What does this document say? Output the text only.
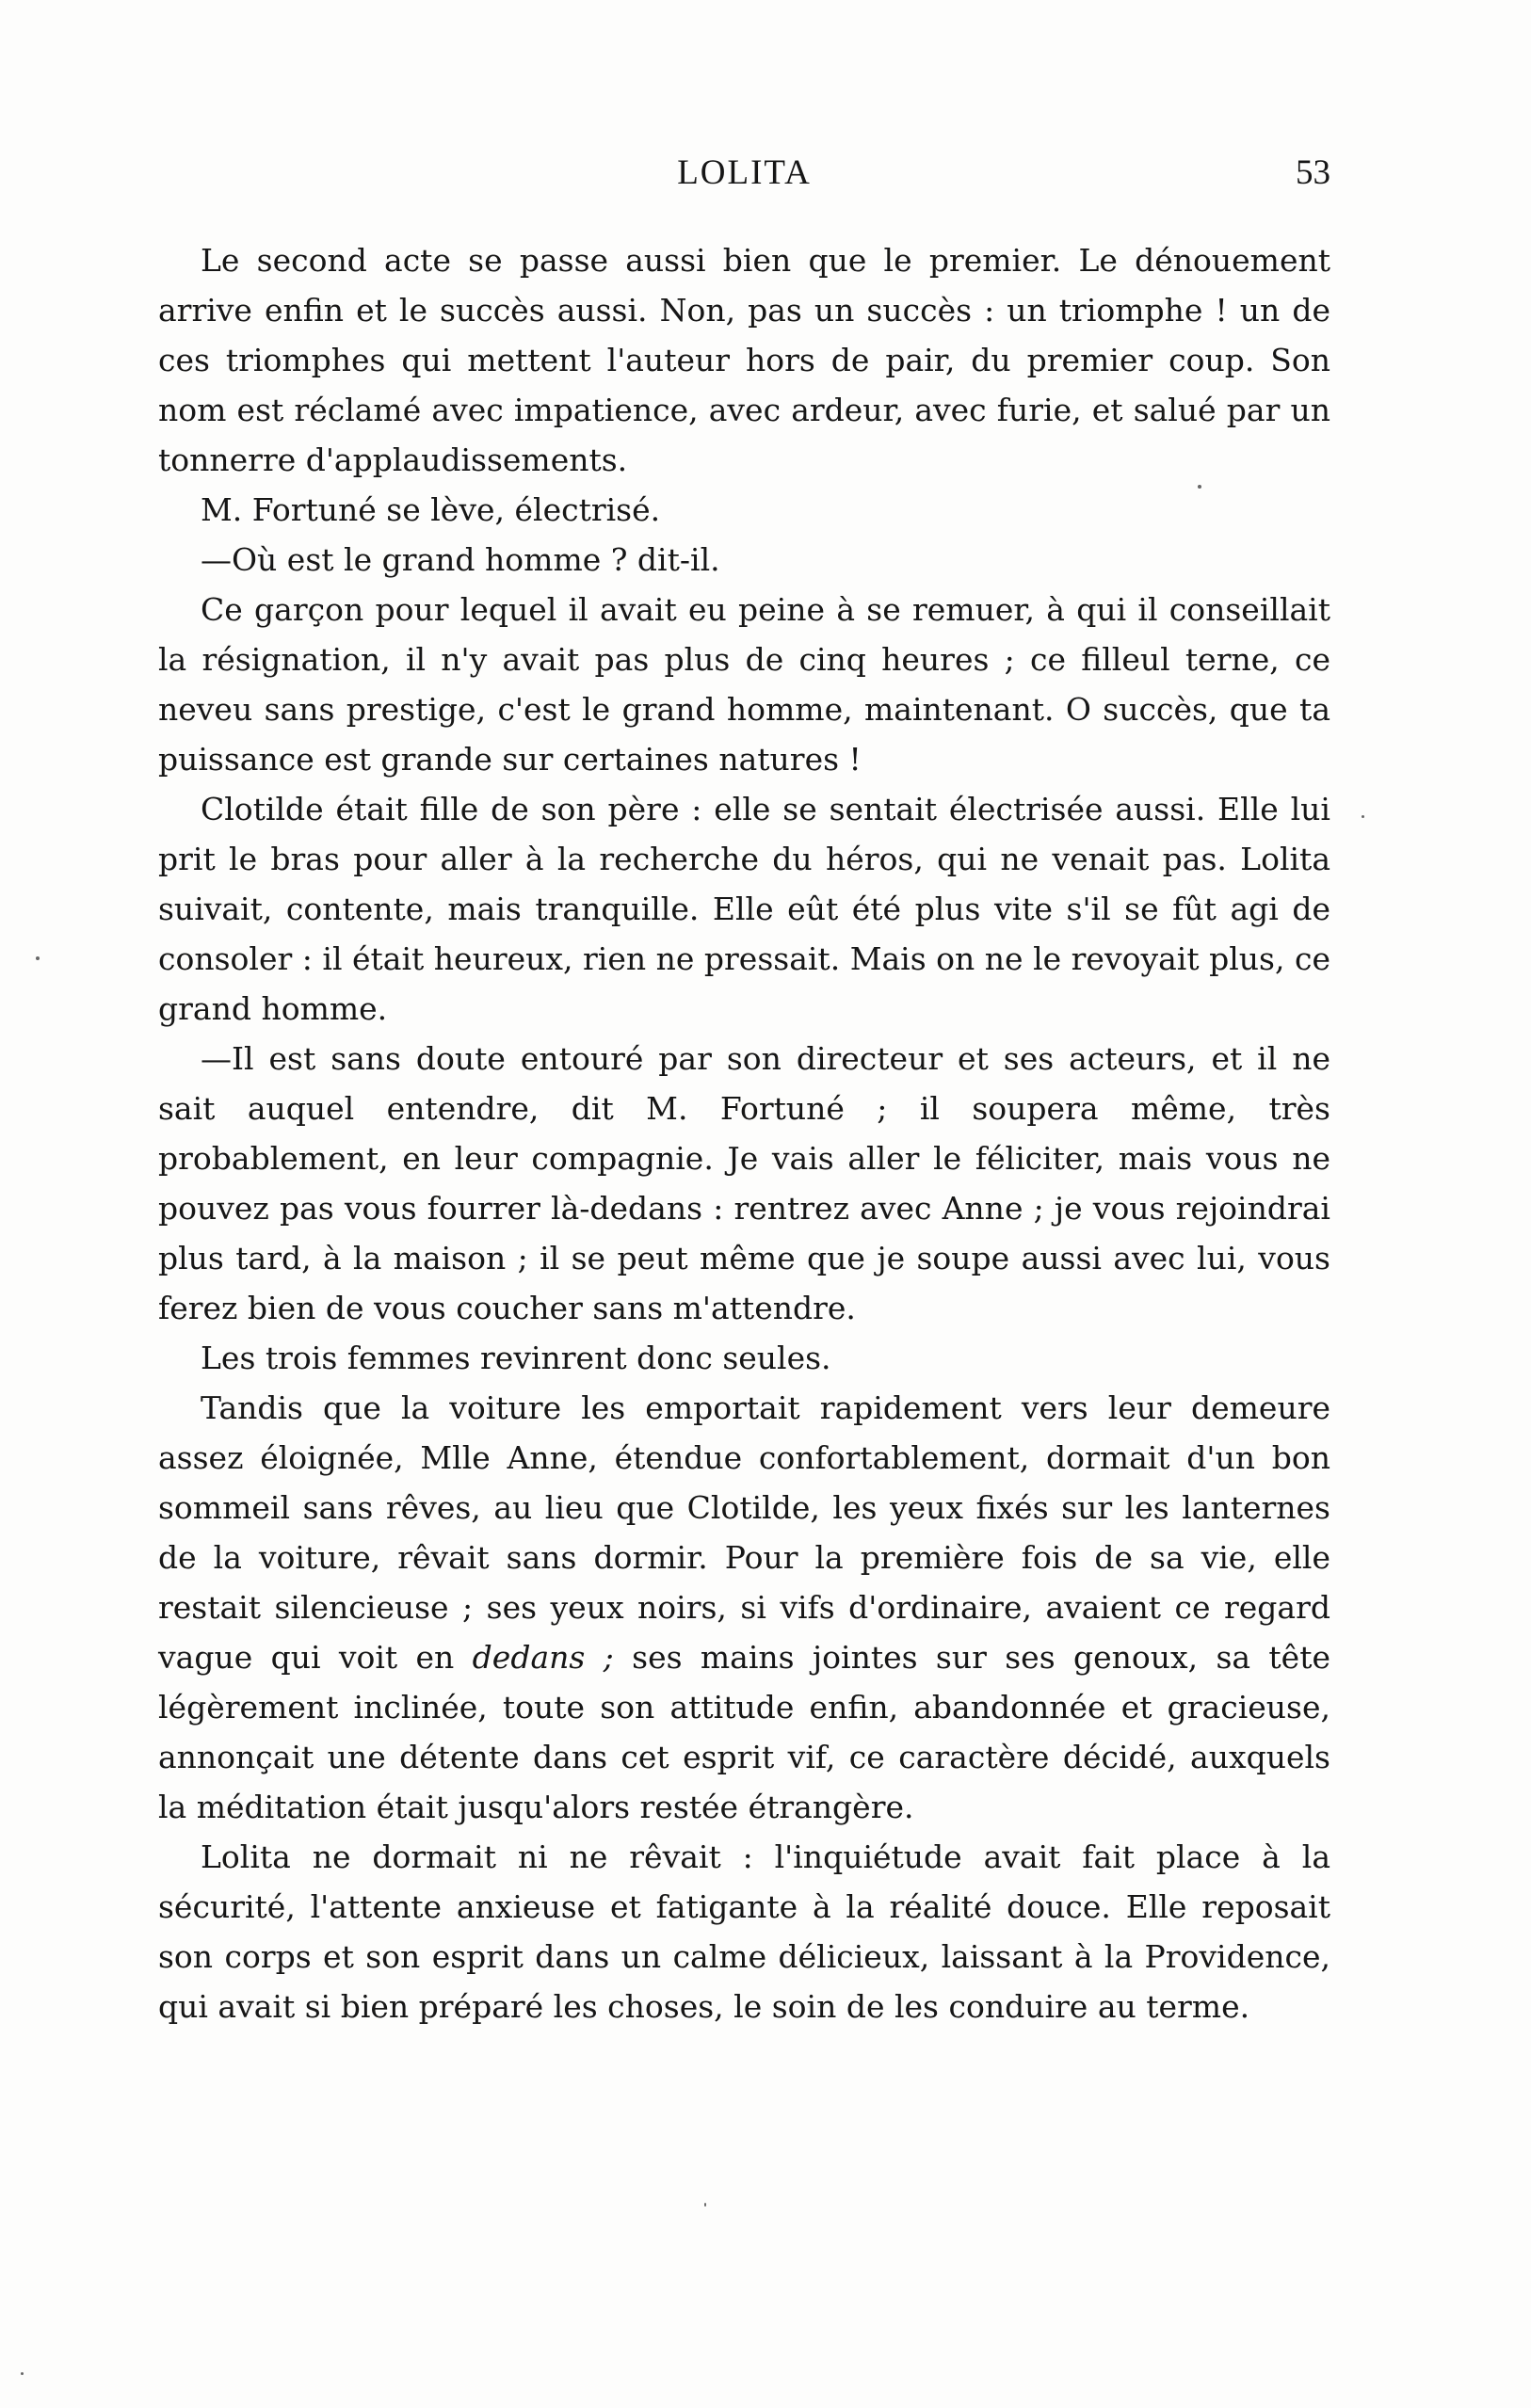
LOLITA	53

Le second acte se passe aussi bien que le premier. Le dénouement arrive enfin et le succès aussi. Non, pas un succès : un triomphe ! un de ces triomphes qui mettent l'auteur hors de pair, du premier coup. Son nom est réclamé avec impatience, avec ardeur, avec furie, et salué par un tonnerre d'applaudissements.

M. Fortuné se lève, électrisé.

—Où est le grand homme ? dit-il.

Ce garçon pour lequel il avait eu peine à se remuer, à qui il conseillait la résignation, il n'y avait pas plus de cinq heures ; ce filleul terne, ce neveu sans prestige, c'est le grand homme, maintenant. O succès, que ta puissance est grande sur certaines natures !

Clotilde était fille de son père : elle se sentait électrisée aussi. Elle lui prit le bras pour aller à la recherche du héros, qui ne venait pas. Lolita suivait, contente, mais tranquille. Elle eût été plus vite s'il se fût agi de consoler : il était heureux, rien ne pressait. Mais on ne le revoyait plus, ce grand homme.

—Il est sans doute entouré par son directeur et ses acteurs, et il ne sait auquel entendre, dit M. Fortuné ; il soupera même, très probablement, en leur compagnie. Je vais aller le féliciter, mais vous ne pouvez pas vous fourrer là-dedans : rentrez avec Anne ; je vous rejoindrai plus tard, à la maison ; il se peut même que je soupe aussi avec lui, vous ferez bien de vous coucher sans m'attendre.

Les trois femmes revinrent donc seules.

Tandis que la voiture les emportait rapidement vers leur demeure assez éloignée, Mlle Anne, étendue confortablement, dormait d'un bon sommeil sans rêves, au lieu que Clotilde, les yeux fixés sur les lanternes de la voiture, rêvait sans dormir. Pour la première fois de sa vie, elle restait silencieuse ; ses yeux noirs, si vifs d'ordinaire, avaient ce regard vague qui voit en dedans ; ses mains jointes sur ses genoux, sa tête légèrement inclinée, toute son attitude enfin, abandonnée et gracieuse, annonçait une détente dans cet esprit vif, ce caractère décidé, auxquels la méditation était jusqu'alors restée étrangère.

Lolita ne dormait ni ne rêvait : l'inquiétude avait fait place à la sécurité, l'attente anxieuse et fatigante à la réalité douce. Elle reposait son corps et son esprit dans un calme délicieux, laissant à la Providence, qui avait si bien préparé les choses, le soin de les conduire au terme.
